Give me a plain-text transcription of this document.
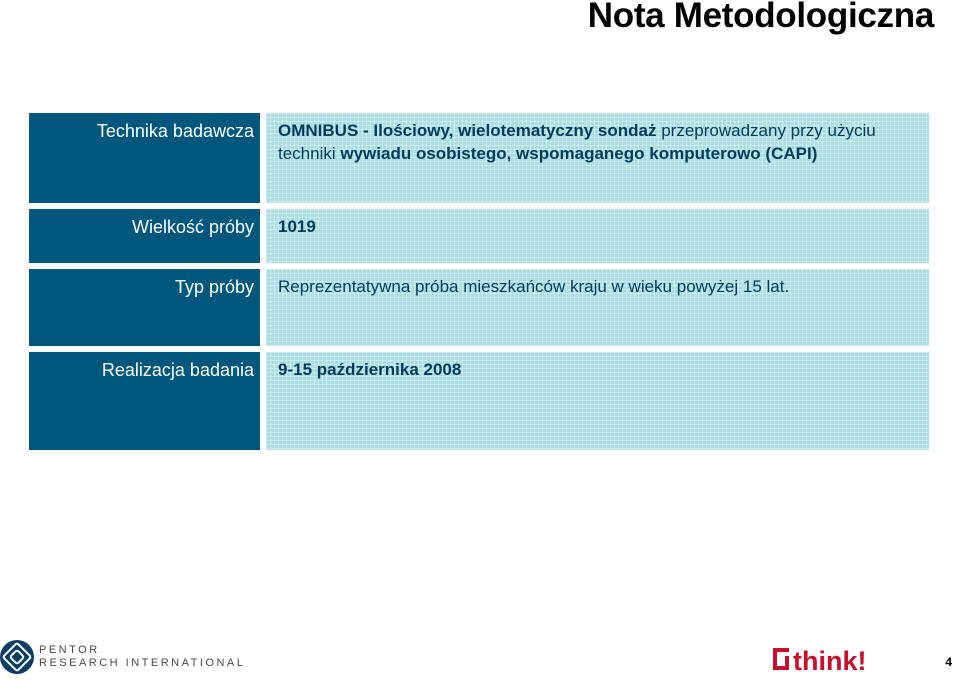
Nota Metodologiczna
Technika badawcza	OMNIBUS - Ilościowy, wielotematyczny sondaż przeprowadzany przy użyciu techniki wywiadu osobistego, wspomaganego komputerowo (CAPI)
Wielkość próby	1019
Typ próby	Reprezentatywna próba mieszkańców kraju w wieku powyżej 15 lat.
Realizacja badania	9-15 października 2008
PENTOR
RESEARCH INTERNATIONAL	think!	4
